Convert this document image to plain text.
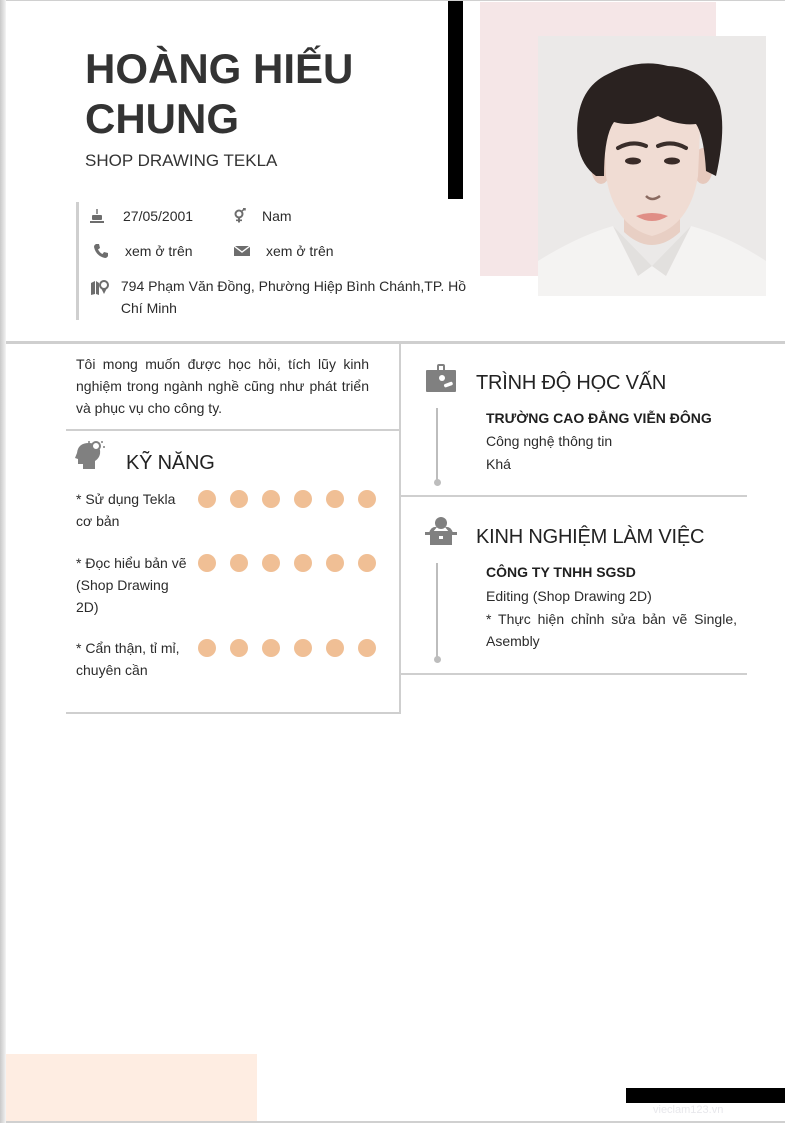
HOÀNG HIẾU
CHUNG
SHOP DRAWING TEKLA
27/05/2001	Nam
xem ở trên	xem ở trên
794 Phạm Văn Đồng, Phường Hiệp Bình Chánh,TP. Hồ Chí Minh
Tôi mong muốn được học hỏi, tích lũy kinh nghiệm trong ngành nghề cũng như phát triển và phục vụ cho công ty.
KỸ NĂNG
* Sử dụng Tekla cơ bản
* Đọc hiểu bản vẽ (Shop Drawing 2D)
* Cẩn thận, tỉ mỉ, chuyên cần
TRÌNH ĐỘ HỌC VẤN
TRƯỜNG CAO ĐẲNG VIỄN ĐÔNG
Công nghệ thông tin
Khá
KINH NGHIỆM LÀM VIỆC
CÔNG TY TNHH SGSD
Editing (Shop Drawing 2D)
* Thực hiện chỉnh sửa bản vẽ Single, Asembly
vieclam123.vn
